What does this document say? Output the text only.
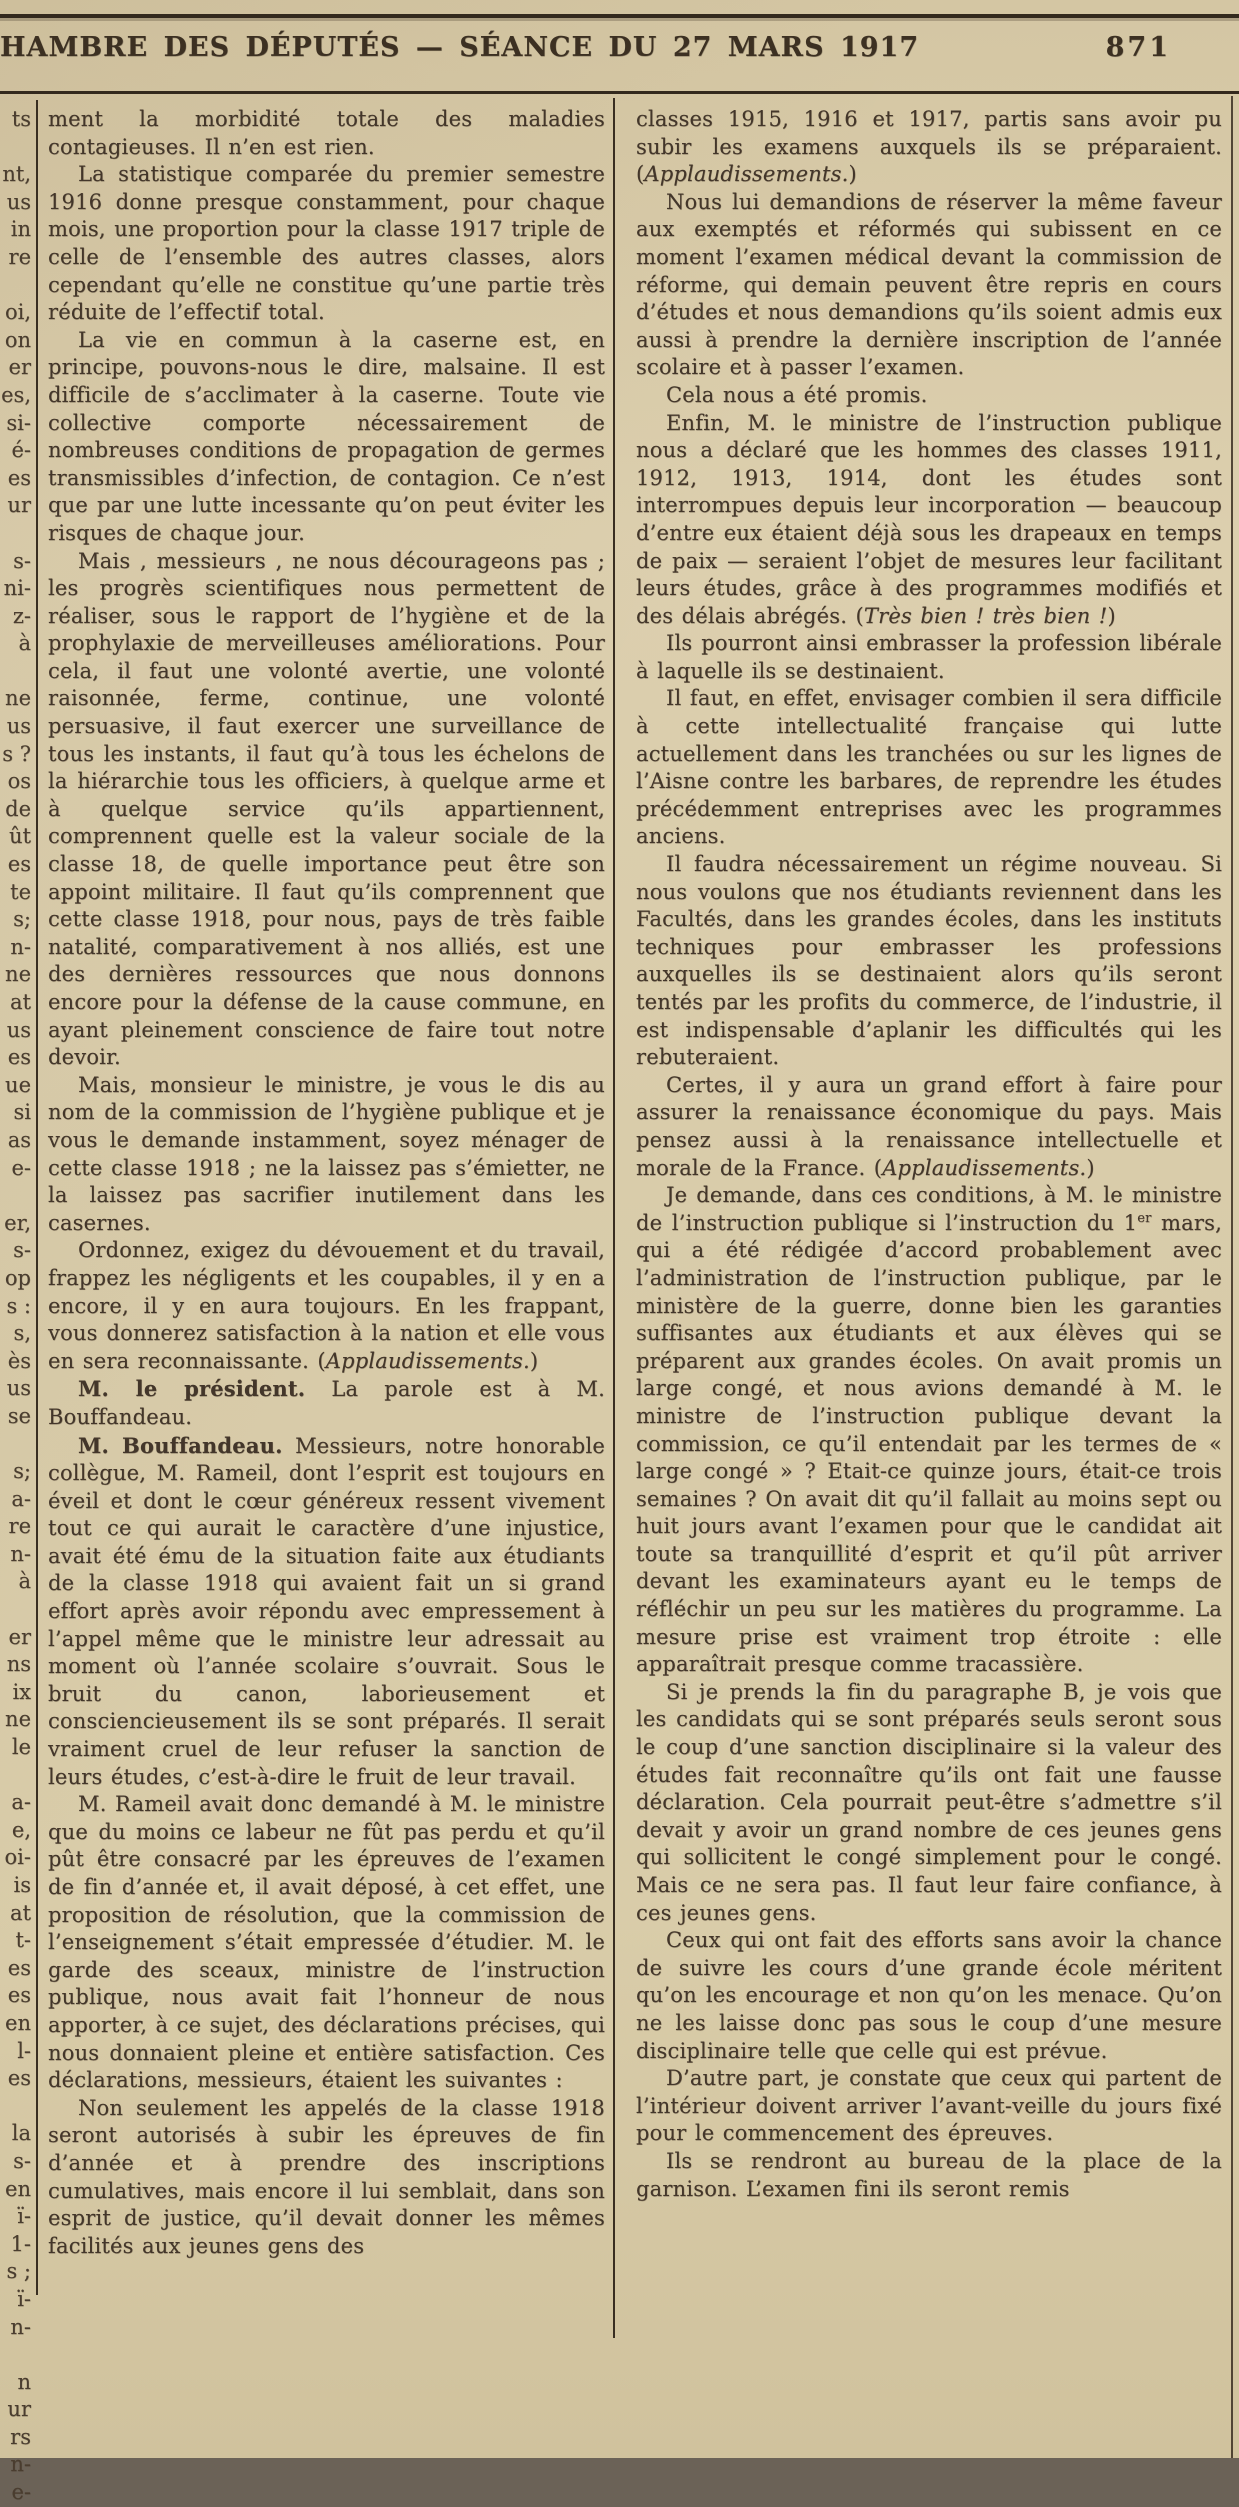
HAMBRE DES DÉPUTÉS — SÉANCE DU 27 MARS 1917	871
ts
nt,
us
in
re
oi,
on
er
es,
si-
é-
es
ur
s-
ni-
z-
à
ne
us
s ?
os
de
ût
es
te
s;
n-
ne
at
us
es
ue
si
as
e-
er,
s-
op
s :
s,
ès
us
se
s;
a-
re
n-
à
er
ns
ix
ne
le
a-
e,
oi-
is
at
t-
es
es
en
l-
es
la
s-
en
ï-
1-
s ;
ï-
n-
n
ur
rs
n-
e-

ment la morbidité totale des maladies contagieuses. Il n’en est rien.

La statistique comparée du premier semestre 1916 donne presque constamment, pour chaque mois, une proportion pour la classe 1917 triple de celle de l’ensemble des autres classes, alors cependant qu’elle ne constitue qu’une partie très réduite de l’effectif total.

La vie en commun à la caserne est, en principe, pouvons-nous le dire, malsaine. Il est difficile de s’acclimater à la caserne. Toute vie collective comporte nécessairement de nombreuses conditions de propagation de germes transmissibles d’infection, de contagion. Ce n’est que par une lutte incessante qu’on peut éviter les risques de chaque jour.

Mais , messieurs , ne nous décourageons pas ; les progrès scientifiques nous permettent de réaliser, sous le rapport de l’hygiène et de la prophylaxie de merveilleuses améliorations. Pour cela, il faut une volonté avertie, une volonté raisonnée, ferme, continue, une volonté persuasive, il faut exercer une surveillance de tous les instants, il faut qu’à tous les échelons de la hiérarchie tous les officiers, à quelque arme et à quelque service qu’ils appartiennent, comprennent quelle est la valeur sociale de la classe 18, de quelle importance peut être son appoint militaire. Il faut qu’ils comprennent que cette classe 1918, pour nous, pays de très faible natalité, comparativement à nos alliés, est une des dernières ressources que nous donnons encore pour la défense de la cause commune, en ayant pleinement conscience de faire tout notre devoir.

Mais, monsieur le ministre, je vous le dis au nom de la commission de l’hygiène publique et je vous le demande instamment, soyez ménager de cette classe 1918 ; ne la laissez pas s’émietter, ne la laissez pas sacrifier inutilement dans les casernes.

Ordonnez, exigez du dévouement et du travail, frappez les négligents et les coupables, il y en a encore, il y en aura toujours. En les frappant, vous donnerez satisfaction à la nation et elle vous en sera reconnaissante. (Applaudissements.)

M. le président. La parole est à M. Bouffandeau.

M. Bouffandeau. Messieurs, notre honorable collègue, M. Rameil, dont l’esprit est toujours en éveil et dont le cœur généreux ressent vivement tout ce qui aurait le caractère d’une injustice, avait été ému de la situation faite aux étudiants de la classe 1918 qui avaient fait un si grand effort après avoir répondu avec empressement à l’appel même que le ministre leur adressait au moment où l’année scolaire s’ouvrait. Sous le bruit du canon, laborieusement et consciencieusement ils se sont préparés. Il serait vraiment cruel de leur refuser la sanction de leurs études, c’est-à-dire le fruit de leur travail.

M. Rameil avait donc demandé à M. le ministre que du moins ce labeur ne fût pas perdu et qu’il pût être consacré par les épreuves de l’examen de fin d’année et, il avait déposé, à cet effet, une proposition de résolution, que la commission de l’enseignement s’était empressée d’étudier. M. le garde des sceaux, ministre de l’instruction publique, nous avait fait l’honneur de nous apporter, à ce sujet, des déclarations précises, qui nous donnaient pleine et entière satisfaction. Ces déclarations, messieurs, étaient les suivantes :

Non seulement les appelés de la classe 1918 seront autorisés à subir les épreuves de fin d’année et à prendre des inscriptions cumulatives, mais encore il lui semblait, dans son esprit de justice, qu’il devait donner les mêmes facilités aux jeunes gens des

classes 1915, 1916 et 1917, partis sans avoir pu subir les examens auxquels ils se préparaient. (Applaudissements.)

Nous lui demandions de réserver la même faveur aux exemptés et réformés qui subissent en ce moment l’examen médical devant la commission de réforme, qui demain peuvent être repris en cours d’études et nous demandions qu’ils soient admis eux aussi à prendre la dernière inscription de l’année scolaire et à passer l’examen.

Cela nous a été promis.

Enfin, M. le ministre de l’instruction publique nous a déclaré que les hommes des classes 1911, 1912, 1913, 1914, dont les études sont interrompues depuis leur incorporation — beaucoup d’entre eux étaient déjà sous les drapeaux en temps de paix — seraient l’objet de mesures leur facilitant leurs études, grâce à des programmes modifiés et des délais abrégés. (Très bien ! très bien !)

Ils pourront ainsi embrasser la profession libérale à laquelle ils se destinaient.

Il faut, en effet, envisager combien il sera difficile à cette intellectualité française qui lutte actuellement dans les tranchées ou sur les lignes de l’Aisne contre les barbares, de reprendre les études précédemment entreprises avec les programmes anciens.

Il faudra nécessairement un régime nouveau. Si nous voulons que nos étudiants reviennent dans les Facultés, dans les grandes écoles, dans les instituts techniques pour embrasser les professions auxquelles ils se destinaient alors qu’ils seront tentés par les profits du commerce, de l’industrie, il est indispensable d’aplanir les difficultés qui les rebuteraient.

Certes, il y aura un grand effort à faire pour assurer la renaissance économique du pays. Mais pensez aussi à la renaissance intellectuelle et morale de la France. (Applaudissements.)

Je demande, dans ces conditions, à M. le ministre de l’instruction publique si l’instruction du 1er mars, qui a été rédigée d’accord probablement avec l’administration de l’instruction publique, par le ministère de la guerre, donne bien les garanties suffisantes aux étudiants et aux élèves qui se préparent aux grandes écoles. On avait promis un large congé, et nous avions demandé à M. le ministre de l’instruction publique devant la commission, ce qu’il entendait par les termes de « large congé » ? Etait-ce quinze jours, était-ce trois semaines ? On avait dit qu’il fallait au moins sept ou huit jours avant l’examen pour que le candidat ait toute sa tranquillité d’esprit et qu’il pût arriver devant les examinateurs ayant eu le temps de réfléchir un peu sur les matières du programme. La mesure prise est vraiment trop étroite : elle apparaîtrait presque comme tracassière.

Si je prends la fin du paragraphe B, je vois que les candidats qui se sont préparés seuls seront sous le coup d’une sanction disciplinaire si la valeur des études fait reconnaître qu’ils ont fait une fausse déclaration. Cela pourrait peut-être s’admettre s’il devait y avoir un grand nombre de ces jeunes gens qui sollicitent le congé simplement pour le congé. Mais ce ne sera pas. Il faut leur faire confiance, à ces jeunes gens.

Ceux qui ont fait des efforts sans avoir la chance de suivre les cours d’une grande école méritent qu’on les encourage et non qu’on les menace. Qu’on ne les laisse donc pas sous le coup d’une mesure disciplinaire telle que celle qui est prévue.

D’autre part, je constate que ceux qui partent de l’intérieur doivent arriver l’avant-veille du jours fixé pour le commencement des épreuves.

Ils se rendront au bureau de la place de la garnison. L’examen fini ils seront remis
